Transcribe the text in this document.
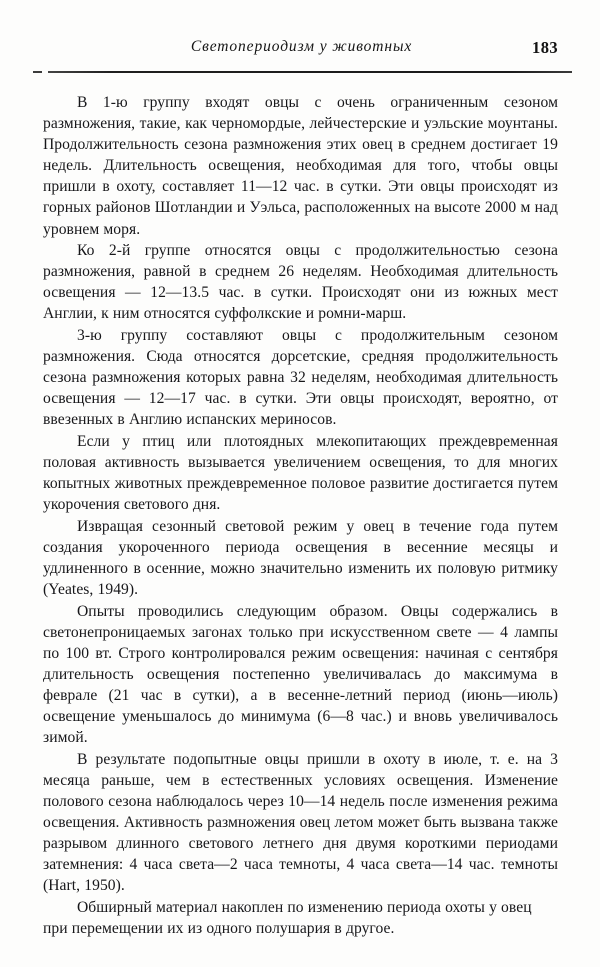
Светопериодизм у животных	183

В 1-ю группу входят овцы с очень ограниченным сезоном размножения, такие, как черномордые, лейчестерские и уэльские моунтаны. Продолжительность сезона размножения этих овец в среднем достигает 19 недель. Длительность освещения, необходимая для того, чтобы овцы пришли в охоту, составляет 11—12 час. в сутки. Эти овцы происходят из горных районов Шотландии и Уэльса, расположенных на высоте 2000 м над уровнем моря.

Ко 2-й группе относятся овцы с продолжительностью сезона размножения, равной в среднем 26 неделям. Необходимая длительность освещения — 12—13.5 час. в сутки. Происходят они из южных мест Англии, к ним относятся суффолкские и ромни-марш.

3-ю группу составляют овцы с продолжительным сезоном размножения. Сюда относятся дорсетские, средняя продолжительность сезона размножения которых равна 32 неделям, необходимая длительность освещения — 12—17 час. в сутки. Эти овцы происходят, вероятно, от ввезенных в Англию испанских мериносов.

Если у птиц или плотоядных млекопитающих преждевременная половая активность вызывается увеличением освещения, то для многих копытных животных преждевременное половое развитие достигается путем укорочения светового дня.

Извращая сезонный световой режим у овец в течение года путем создания укороченного периода освещения в весенние месяцы и удлиненного в осенние, можно значительно изменить их половую ритмику (Yeates, 1949).

Опыты проводились следующим образом. Овцы содержались в светонепроницаемых загонах только при искусственном свете — 4 лампы по 100 вт. Строго контролировался режим освещения: начиная с сентября длительность освещения постепенно увеличивалась до максимума в феврале (21 час в сутки), а в весенне-летний период (июнь—июль) освещение уменьшалось до минимума (6—8 час.) и вновь увеличивалось зимой.

В результате подопытные овцы пришли в охоту в июле, т. е. на 3 месяца раньше, чем в естественных условиях освещения. Изменение полового сезона наблюдалось через 10—14 недель после изменения режима освещения. Активность размножения овец летом может быть вызвана также разрывом длинного светового летнего дня двумя короткими периодами затемнения: 4 часа света—2 часа темноты, 4 часа света—14 час. темноты (Hart, 1950).

Обширный материал накоплен по изменению периода охоты у овец при перемещении их из одного полушария в другое.
